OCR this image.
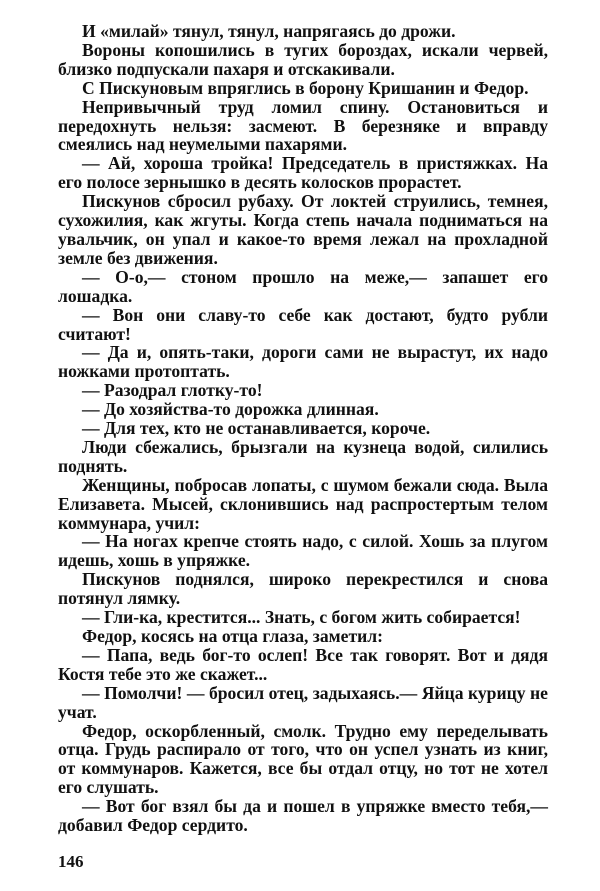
И «милай» тянул, тянул, напрягаясь до дрожи.

Вороны копошились в тугих бороздах, искали червей, близко подпускали пахаря и отскакивали.

С Пискуновым впряглись в борону Кришанин и Федор.

Непривычный труд ломил спину. Остановиться и передохнуть нельзя: засмеют. В березняке и вправду смеялись над неумелыми пахарями.

— Ай, хороша тройка! Председатель в пристяжках. На его полосе зернышко в десять колосков прорастет.

Пискунов сбросил рубаху. От локтей струились, темнея, сухожилия, как жгуты. Когда степь начала подниматься на увальчик, он упал и какое-то время лежал на прохладной земле без движения.

— О-о,— стоном прошло на меже,— запашет его лошадка.

— Вон они славу-то себе как достают, будто рубли считают!

— Да и, опять-таки, дороги сами не вырастут, их надо ножками протоптать.

— Разодрал глотку-то!

— До хозяйства-то дорожка длинная.

— Для тех, кто не останавливается, короче.

Люди сбежались, брызгали на кузнеца водой, силились поднять.

Женщины, побросав лопаты, с шумом бежали сюда. Выла Елизавета. Мысей, склонившись над распростертым телом коммунара, учил:

— На ногах крепче стоять надо, с силой. Хошь за плугом идешь, хошь в упряжке.

Пискунов поднялся, широко перекрестился и снова потянул лямку.

— Гли-ка, крестится... Знать, с богом жить собирается!

Федор, косясь на отца глаза, заметил:

— Папа, ведь бог-то ослеп! Все так говорят. Вот и дядя Костя тебе это же скажет...

— Помолчи! — бросил отец, задыхаясь.— Яйца курицу не учат.

Федор, оскорбленный, смолк. Трудно ему переделывать отца. Грудь распирало от того, что он успел узнать из книг, от коммунаров. Кажется, все бы отдал отцу, но тот не хотел его слушать.

— Вот бог взял бы да и пошел в упряжке вместо тебя,— добавил Федор сердито.

146
